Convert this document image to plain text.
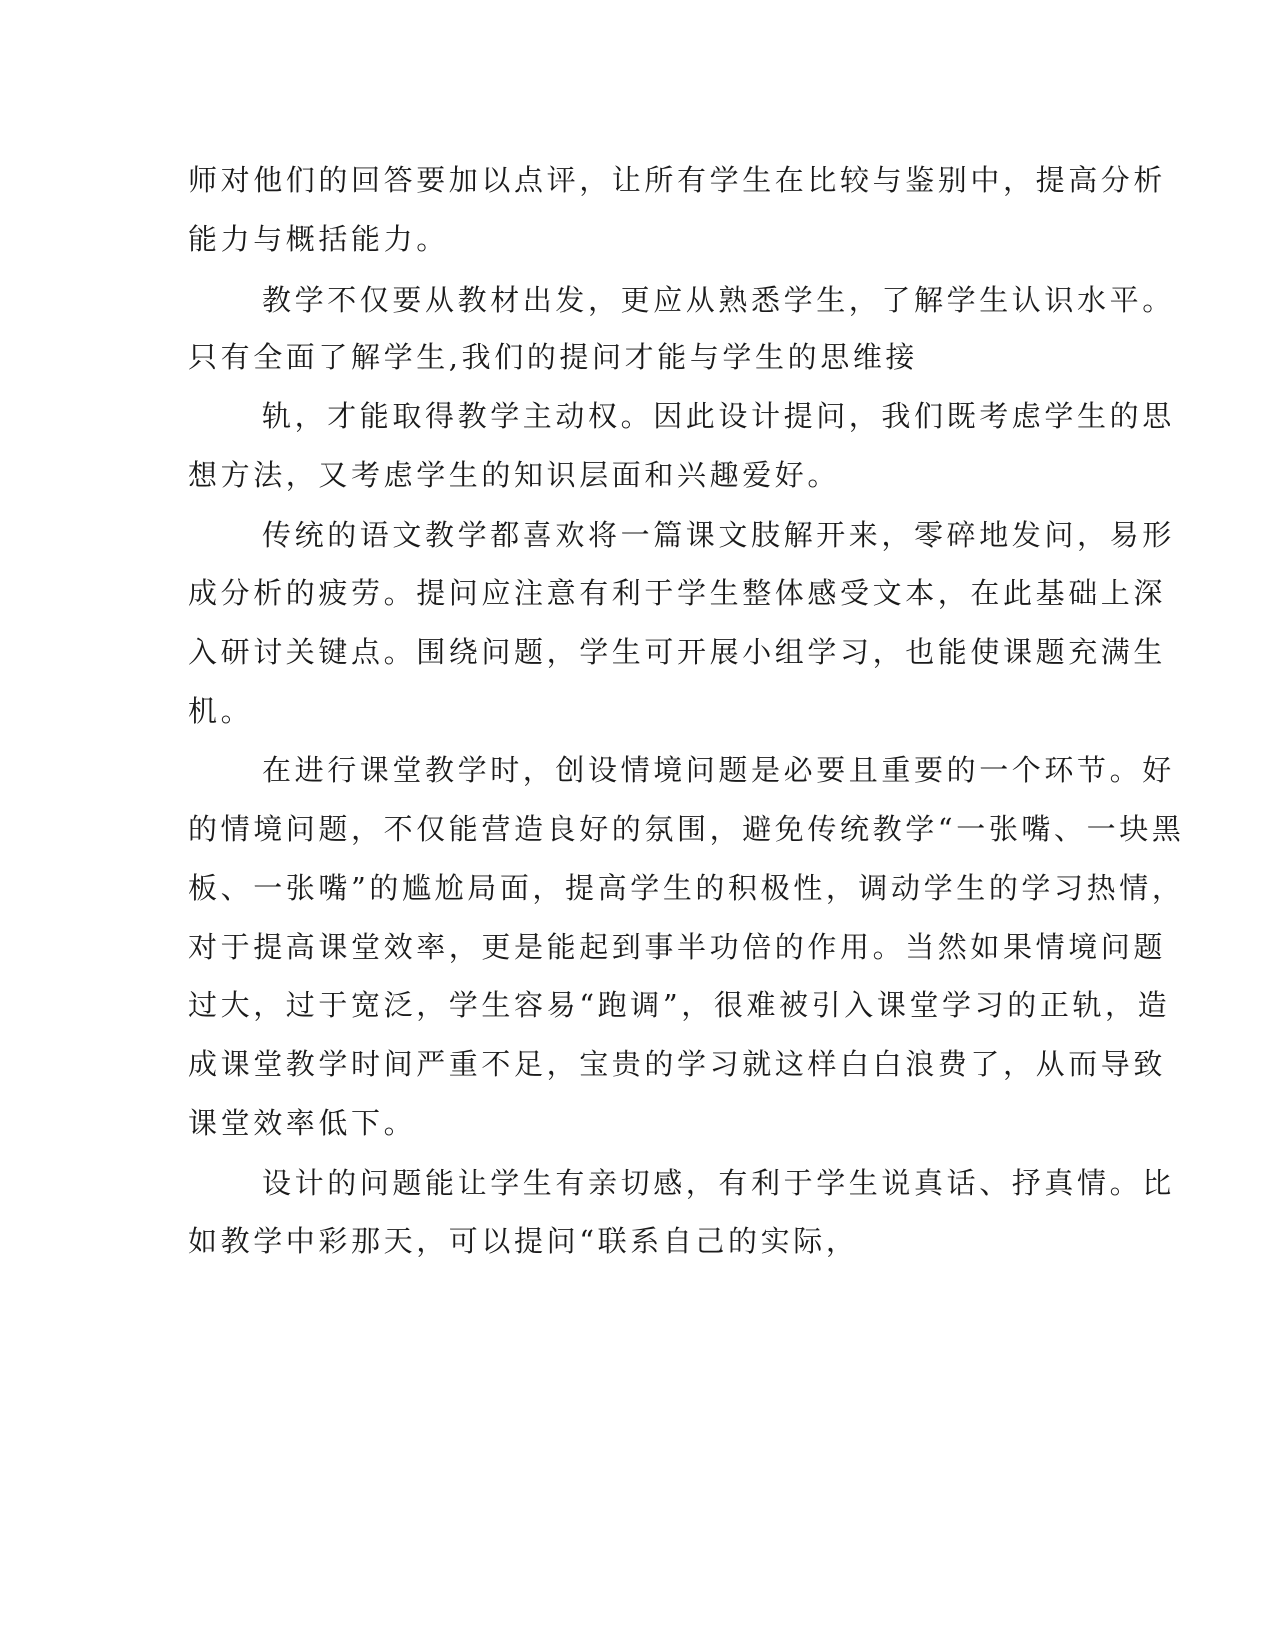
师对他们的回答要加以点评，让所有学生在比较与鉴别中，提高分析

能力与概括能力。

教学不仅要从教材出发，更应从熟悉学生，了解学生认识水平。

只有全面了解学生,我们的提问才能与学生的思维接

轨，才能取得教学主动权。因此设计提问，我们既考虑学生的思

想方法，又考虑学生的知识层面和兴趣爱好。

传统的语文教学都喜欢将一篇课文肢解开来，零碎地发问，易形

成分析的疲劳。提问应注意有利于学生整体感受文本，在此基础上深

入研讨关键点。围绕问题，学生可开展小组学习，也能使课题充满生

机。

在进行课堂教学时，创设情境问题是必要且重要的一个环节。好

的情境问题，不仅能营造良好的氛围，避免传统教学“一张嘴、一块黑

板、一张嘴”的尴尬局面，提高学生的积极性，调动学生的学习热情，

对于提高课堂效率，更是能起到事半功倍的作用。当然如果情境问题

过大，过于宽泛，学生容易“跑调”，很难被引入课堂学习的正轨，造

成课堂教学时间严重不足，宝贵的学习就这样白白浪费了，从而导致

课堂效率低下。

设计的问题能让学生有亲切感，有利于学生说真话、抒真情。比

如教学中彩那天，可以提问“联系自己的实际，
